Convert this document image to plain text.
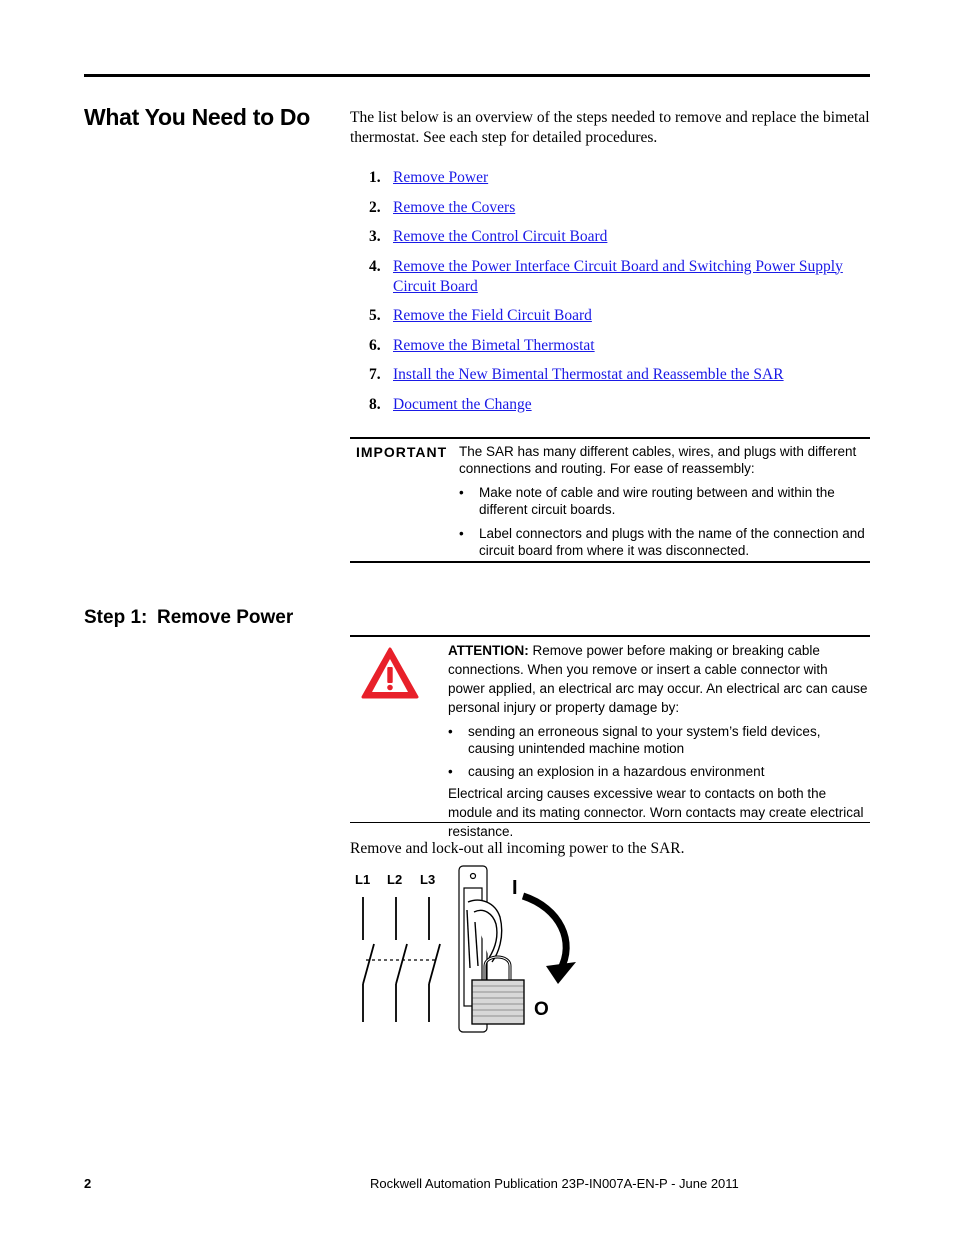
What You Need to Do	The list below is an overview of the steps needed to remove and replace the bimetal thermostat. See each step for detailed procedures.
1. Remove Power
2. Remove the Covers
3. Remove the Control Circuit Board
4. Remove the Power Interface Circuit Board and Switching Power Supply Circuit Board
5. Remove the Field Circuit Board
6. Remove the Bimetal Thermostat
7. Install the New Bimental Thermostat and Reassemble the SAR
8. Document the Change
IMPORTANT The SAR has many different cables, wires, and plugs with different connections and routing. For ease of reassembly:
• Make note of cable and wire routing between and within the different circuit boards.
• Label connectors and plugs with the name of the connection and circuit board from where it was disconnected.
Step 1: Remove Power
ATTENTION: Remove power before making or breaking cable connections. When you remove or insert a cable connector with power applied, an electrical arc may occur. An electrical arc can cause personal injury or property damage by:
• sending an erroneous signal to your system’s field devices, causing unintended machine motion
• causing an explosion in a hazardous environment
Electrical arcing causes excessive wear to contacts on both the module and its mating connector. Worn contacts may create electrical resistance.
Remove and lock-out all incoming power to the SAR.
L1 L2 L3	I
O
2	Rockwell Automation Publication 23P-IN007A-EN-P - June 2011
